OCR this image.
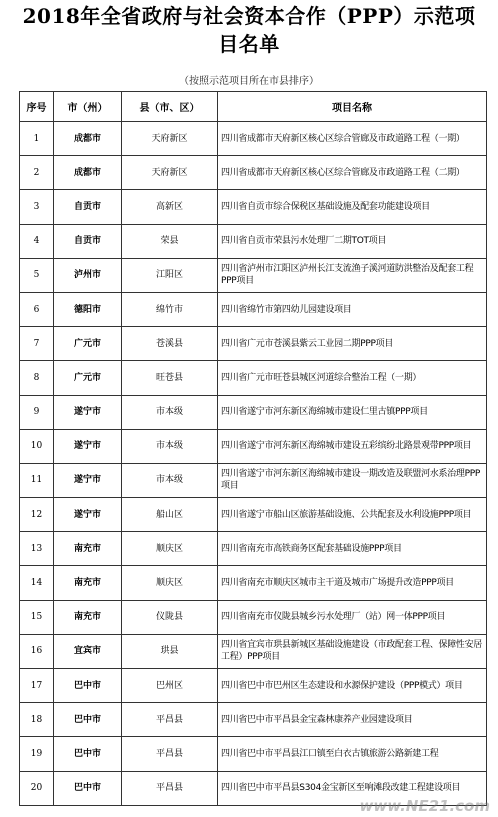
2018年全省政府与社会资本合作（PPP）示范项
目名单
（按照示范项目所在市县排序）
序号	市（州）	县（市、区）	项目名称
1	成都市	天府新区	四川省成都市天府新区核心区综合管廊及市政道路工程（一期）
2	成都市	天府新区	四川省成都市天府新区核心区综合管廊及市政道路工程（二期）
3	自贡市	高新区	四川省自贡市综合保税区基础设施及配套功能建设项目
4	自贡市	荣县	四川省自贡市荣县污水处理厂二期TOT项目
5	泸州市	江阳区	四川省泸州市江阳区泸州长江支流渔子溪河道防洪整治及配套工程PPP项目
6	德阳市	绵竹市	四川省绵竹市第四幼儿园建设项目
7	广元市	苍溪县	四川省广元市苍溪县紫云工业园二期PPP项目
8	广元市	旺苍县	四川省广元市旺苍县城区河道综合整治工程（一期）
9	遂宁市	市本级	四川省遂宁市河东新区海绵城市建设仁里古镇PPP项目
10	遂宁市	市本级	四川省遂宁市河东新区海绵城市建设五彩缤纷北路景观带PPP项目
11	遂宁市	市本级	四川省遂宁市河东新区海绵城市建设一期改造及联盟河水系治理PPP项目
12	遂宁市	船山区	四川省遂宁市船山区旅游基础设施、公共配套及水利设施PPP项目
13	南充市	顺庆区	四川省南充市高铁商务区配套基础设施PPP项目
14	南充市	顺庆区	四川省南充市顺庆区城市主干道及城市广场提升改造PPP项目
15	南充市	仪陇县	四川省南充市仪陇县城乡污水处理厂（站）网一体PPP项目
16	宜宾市	珙县	四川省宜宾市珙县新城区基础设施建设（市政配套工程、保障性安居工程）PPP项目
17	巴中市	巴州区	四川省巴中市巴州区生态建设和水源保护建设（PPP模式）项目
18	巴中市	平昌县	四川省巴中市平昌县金宝森林康养产业园建设项目
19	巴中市	平昌县	四川省巴中市平昌县江口镇至白衣古镇旅游公路新建工程
20	巴中市	平昌县	四川省巴中市平昌县S304金宝新区至响滩段改建工程建设项目
www.NE21.com
